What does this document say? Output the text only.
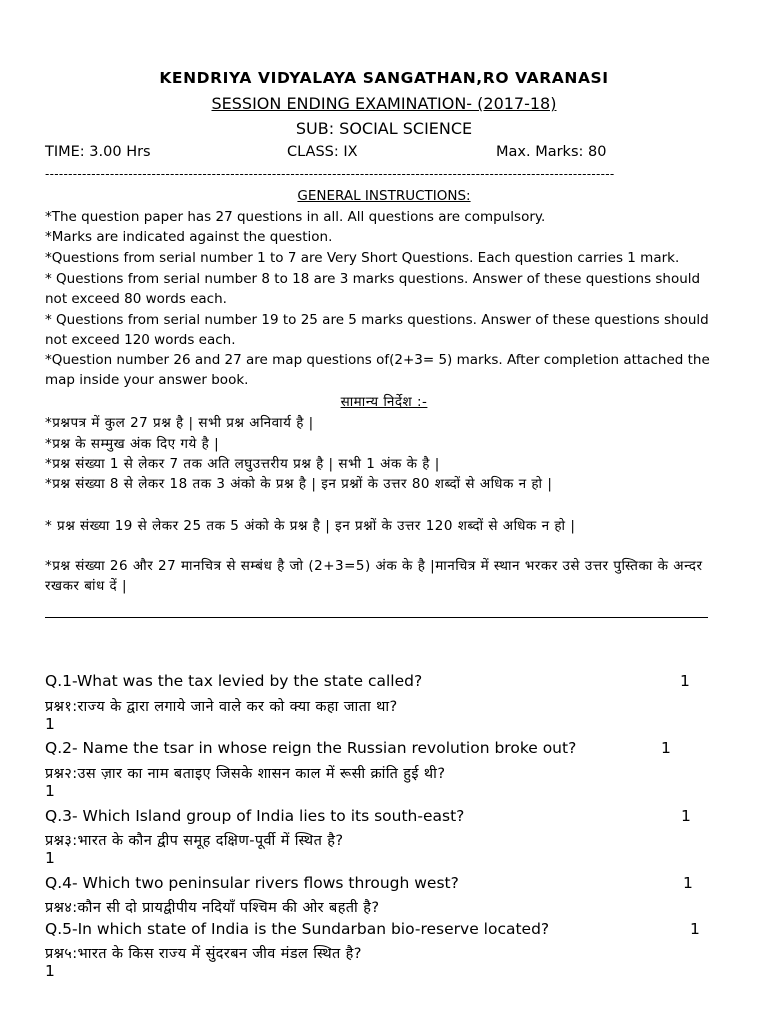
KENDRIYA VIDYALAYA SANGATHAN,RO VARANASI
SESSION ENDING EXAMINATION- (2017-18)
SUB: SOCIAL SCIENCE
TIME: 3.00 Hrs	CLASS: IX	Max. Marks: 80
---------------------------------------------------------------------------------------------------------------------------
GENERAL INSTRUCTIONS:
*The question paper has 27 questions in all. All questions are compulsory.
*Marks are indicated against the question.
*Questions from serial number 1 to 7 are Very Short Questions. Each question carries 1 mark.
* Questions from serial number 8 to 18 are 3 marks questions. Answer of these questions should not exceed 80 words each.
* Questions from serial number 19 to 25 are 5 marks questions. Answer of these questions should not exceed 120 words each.
*Question number 26 and 27 are map questions of(2+3= 5) marks. After completion attached the map inside your answer book.
सामान्य निर्देश :-
*प्रश्नपत्र में कुल 27 प्रश्न है | सभी प्रश्न अनिवार्य है |
*प्रश्न के सम्मुख अंक दिए गये है |
*प्रश्न संख्या 1 से लेकर 7 तक अति लघुउत्तरीय प्रश्न है | सभी 1 अंक के है |
*प्रश्न संख्या 8 से लेकर 18 तक 3 अंको के प्रश्न है | इन प्रश्नों के उत्तर 80 शब्दों से अधिक न हो |
* प्रश्न संख्या 19 से लेकर 25 तक 5 अंको के प्रश्न है | इन प्रश्नों के उत्तर 120 शब्दों से अधिक न हो |
*प्रश्न संख्या 26 और 27 मानचित्र से सम्बंध है जो (2+3=5) अंक के है |मानचित्र में स्थान भरकर उसे उत्तर पुस्तिका के अन्दर रखकर बांध दें |
Q.1-What was the tax levied by the state called?	1
प्रश्न१:राज्य के द्वारा लगाये जाने वाले कर को क्या कहा जाता था?
1
Q.2- Name the tsar in whose reign the Russian revolution broke out?	1
प्रश्न२:उस ज़ार का नाम बताइए जिसके शासन काल में रूसी क्रांति हुई थी?
1
Q.3- Which Island group of India lies to its south-east?	1
प्रश्न३:भारत के कौन द्वीप समूह दक्षिण-पूर्वी में स्थित है?
1
Q.4- Which two peninsular rivers flows through west?	1
प्रश्न४:कौन सी दो प्रायद्वीपीय नदियाँ पश्चिम की ओर बहती है?
Q.5-In which state of India is the Sundarban bio-reserve located?	1
प्रश्न५:भारत के किस राज्य में सुंदरबन जीव मंडल स्थित है?
1
